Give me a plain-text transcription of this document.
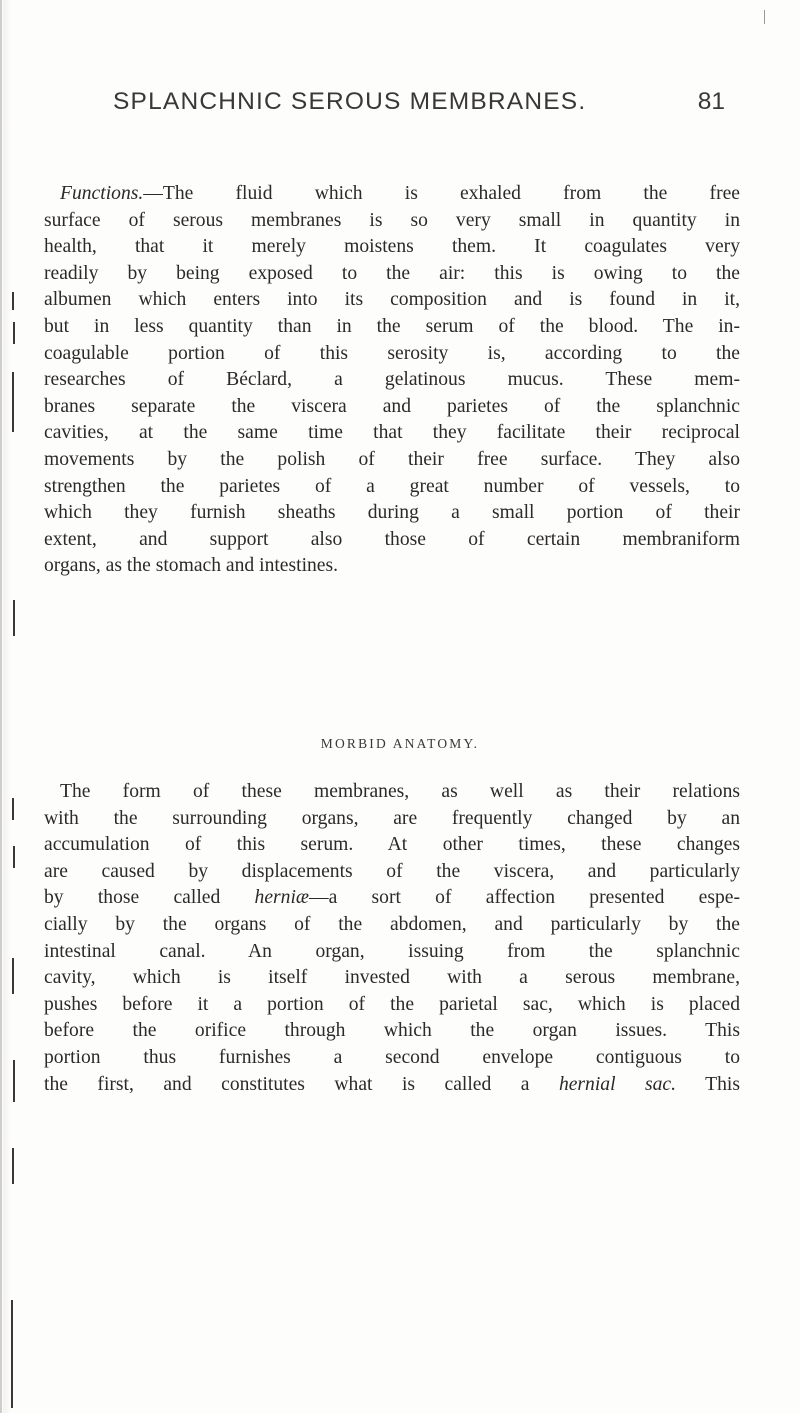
SPLANCHNIC SEROUS MEMBRANES.	81
Functions.—The fluid which is exhaled from the free
surface of serous membranes is so very small in quantity in
health, that it merely moistens them. It coagulates very
readily by being exposed to the air: this is owing to the
albumen which enters into its composition and is found in it,
but in less quantity than in the serum of the blood. The in-
coagulable portion of this serosity is, according to the
researches of Béclard, a gelatinous mucus. These mem-
branes separate the viscera and parietes of the splanchnic
cavities, at the same time that they facilitate their reciprocal
movements by the polish of their free surface. They also
strengthen the parietes of a great number of vessels, to
which they furnish sheaths during a small portion of their
extent, and support also those of certain membraniform
organs, as the stomach and intestines.
MORBID ANATOMY.
The form of these membranes, as well as their relations
with the surrounding organs, are frequently changed by an
accumulation of this serum. At other times, these changes
are caused by displacements of the viscera, and particularly
by those called herniæ—a sort of affection presented espe-
cially by the organs of the abdomen, and particularly by the
intestinal canal. An organ, issuing from the splanchnic
cavity, which is itself invested with a serous membrane,
pushes before it a portion of the parietal sac, which is placed
before the orifice through which the organ issues. This
portion thus furnishes a second envelope contiguous to
the first, and constitutes what is called a hernial sac. This
